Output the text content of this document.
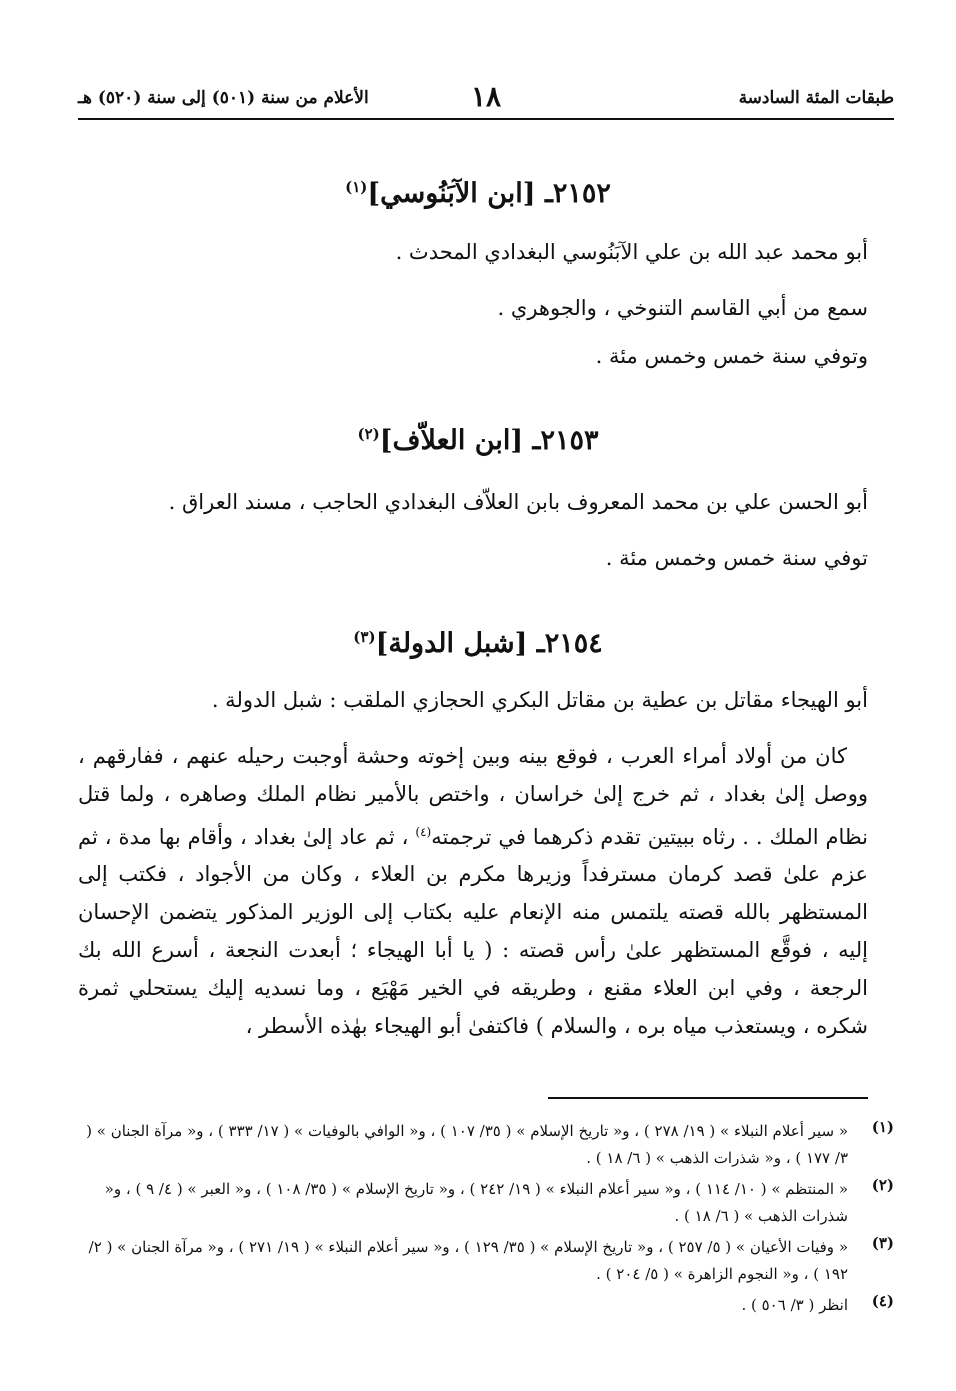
طبقات المئة السادسة
١٨
الأعلام من سنة (٥٠١) إلى سنة (٥٢٠) هـ
٢١٥٢ـ [ابن الآبَنُوسي]$^{(١)}$
أبو محمد عبد الله بن علي الآبَنُوسي البغدادي المحدث .
سمع من أبي القاسم التنوخي ، والجوهري .
وتوفي سنة خمس وخمس مئة .
٢١٥٣ـ [ابن العلاّف]$^{(٢)}$
أبو الحسن علي بن محمد المعروف بابن العلاّف البغدادي الحاجب ، مسند العراق .
توفي سنة خمس وخمس مئة .
٢١٥٤ـ [شبل الدولة]$^{(٣)}$
أبو الهيجاء مقاتل بن عطية بن مقاتل البكري الحجازي الملقب : شبل الدولة .
 كان من أولاد أمراء العرب ، فوقع بينه وبين إخوته وحشة أوجبت رحيله عنهم ، ففارقهم ، ووصل إلىٰ بغداد ، ثم خرج إلىٰ خراسان ، واختص بالأمير نظام الملك وصاهره ، ولما قتل نظام الملك . . رثاه ببيتين تقدم ذكرهما في ترجمته$^{(٤)}$ ، ثم عاد إلىٰ بغداد ، وأقام بها مدة ، ثم عزم علىٰ قصد كرمان مسترفداً وزيرها مكرم بن العلاء ، وكان من الأجواد ، فكتب إلى المستظهر بالله قصته يلتمس منه الإنعام عليه بكتاب إلى الوزير المذكور يتضمن الإحسان إليه ، فوقَّع المستظهر علىٰ رأس قصته : ( يا أبا الهيجاء ؛ أبعدت النجعة ، أسرع الله بك الرجعة ، وفي ابن العلاء مقنع ، وطريقه في الخير مَهْيَع ، وما نسديه إليك يستحلي ثمرة شكره ، ويستعذب مياه بره ، والسلام ) فاكتفىٰ أبو الهيجاء بهٰذه الأسطر ،
(١)
« سير أعلام النبلاء » ( ١٩/ ٢٧٨ ) ، و« تاريخ الإسلام » ( ٣٥/ ١٠٧ ) ، و« الوافي بالوفيات » ( ١٧/ ٣٣٣ ) ، و« مرآة الجنان » ( ٣/ ١٧٧ ) ، و« شذرات الذهب » ( ٦/ ١٨ ) .
(٢)
« المنتظم » ( ١٠/ ١١٤ ) ، و« سير أعلام النبلاء » ( ١٩/ ٢٤٢ ) ، و« تاريخ الإسلام » ( ٣٥/ ١٠٨ ) ، و« العبر » ( ٤/ ٩ ) ، و« شذرات الذهب » ( ٦/ ١٨ ) .
(٣)
« وفيات الأعيان » ( ٥/ ٢٥٧ ) ، و« تاريخ الإسلام » ( ٣٥/ ١٢٩ ) ، و« سير أعلام النبلاء » ( ١٩/ ٢٧١ ) ، و« مرآة الجنان » ( ٢/ ١٩٢ ) ، و« النجوم الزاهرة » ( ٥/ ٢٠٤ ) .
(٤)
انظر ( ٣/ ٥٠٦ ) .
